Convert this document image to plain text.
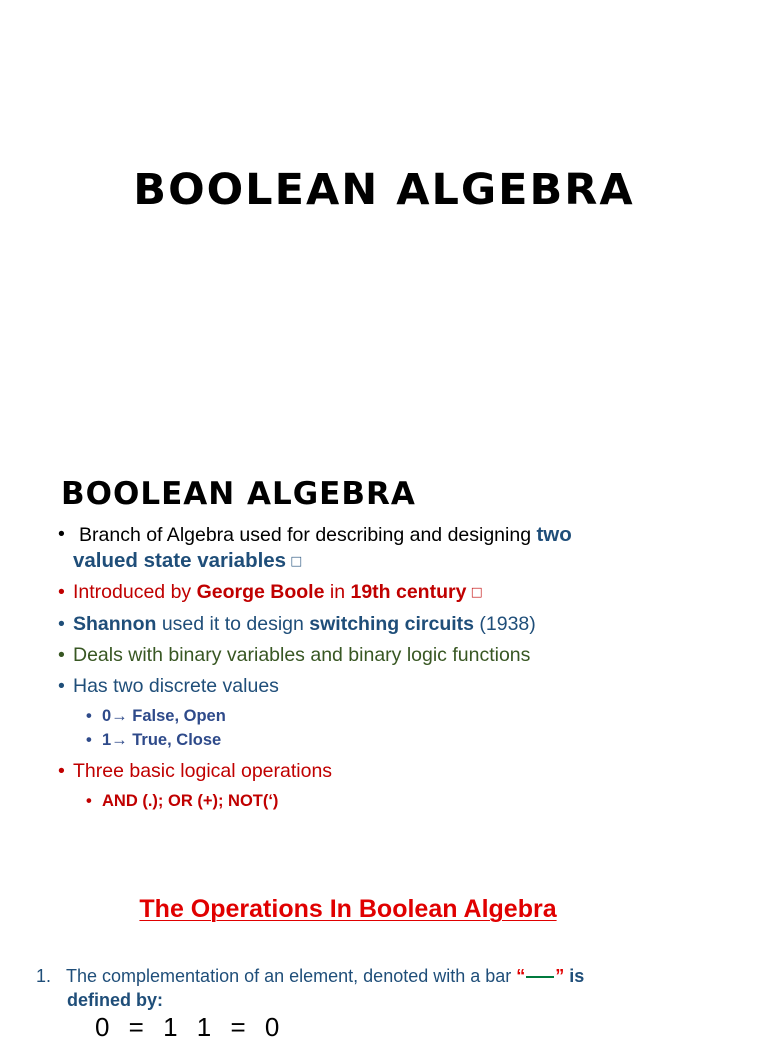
BOOLEAN ALGEBRA
BOOLEAN ALGEBRA
• Branch of Algebra used for describing and designing two
valued state variables □
• Introduced by George Boole in 19th century □
• Shannon used it to design switching circuits (1938)
• Deals with binary variables and binary logic functions
• Has two discrete values
• 0→ False, Open
• 1→ True, Close
• Three basic logical operations
• AND (.); OR (+); NOT(‘)
The Operations In Boolean Algebra
1. The complementation of an element, denoted with a bar “ ” is
defined by:
0 = 1 1 = 0
